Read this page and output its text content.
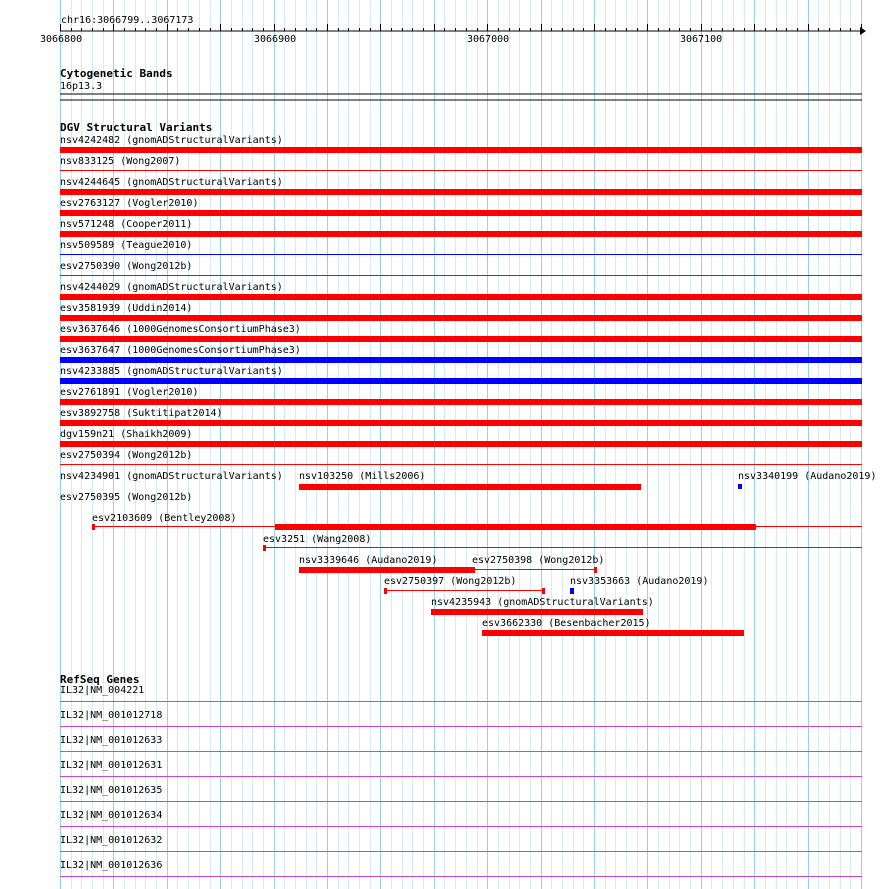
chr16:3066799..3067173
3066800	3066900	3067000	3067100
Cytogenetic Bands
16p13.3
DGV Structural Variants
nsv4242482 (gnomADStructuralVariants)
nsv833125 (Wong2007)
nsv4244645 (gnomADStructuralVariants)
esv2763127 (Vogler2010)
nsv571248 (Cooper2011)
nsv509589 (Teague2010)
esv2750390 (Wong2012b)
nsv4244029 (gnomADStructuralVariants)
esv3581939 (Uddin2014)
esv3637646 (1000GenomesConsortiumPhase3)
esv3637647 (1000GenomesConsortiumPhase3)
nsv4233885 (gnomADStructuralVariants)
esv2761891 (Vogler2010)
esv3892758 (Suktitipat2014)
dgv159n21 (Shaikh2009)
esv2750394 (Wong2012b)
nsv4234901 (gnomADStructuralVariants) nsv103250 (Mills2006)	nsv3340199 (Audano2019)
esv2750395 (Wong2012b)
esv2103609 (Bentley2008)
esv3251 (Wang2008)
nsv3339646 (Audano2019)	esv2750398 (Wong2012b)
esv2750397 (Wong2012b)	nsv3353663 (Audano2019)
nsv4235943 (gnomADStructuralVariants)
esv3662330 (Besenbacher2015)
RefSeq Genes
IL32|NM_004221
IL32|NM_001012718
IL32|NM_001012633
IL32|NM_001012631
IL32|NM_001012635
IL32|NM_001012634
IL32|NM_001012632
IL32|NM_001012636
